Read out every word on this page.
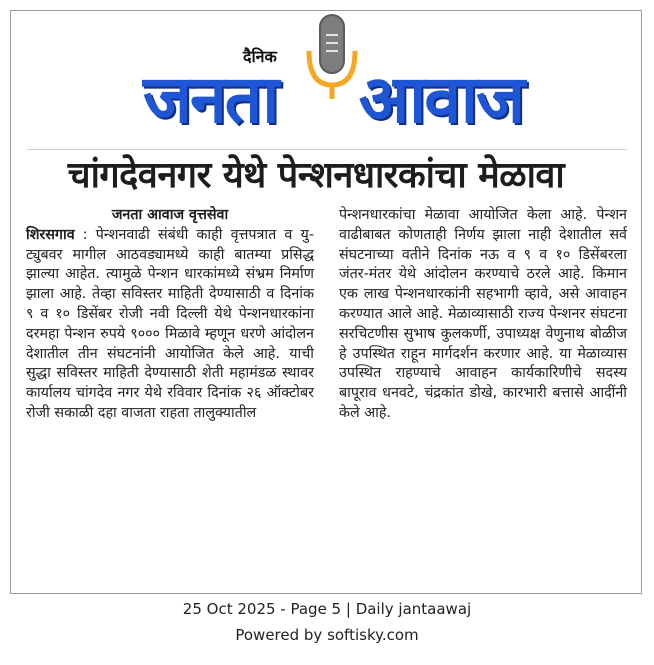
दैनिक
जनता आवाज
चांगदेवनगर येथे पेन्शनधारकांचा मेळावा
जनता आवाज वृत्तसेवा

शिरसगाव : पेन्शनवाढी संबंधी काही वृत्तपत्रात व यु-ट्युबवर मागील आठवड्यामध्ये काही बातम्या प्रसिद्ध झाल्या आहेत. त्यामुळे पेन्शन धारकांमध्ये संभ्रम निर्माण झाला आहे. तेव्हा सविस्तर माहिती देण्यासाठी व दिनांक ९ व १० डिसेंबर रोजी नवी दिल्ली येथे पेन्शनधारकांना दरमहा पेन्शन रुपये ९००० मिळावे म्हणून धरणे आंदोलन देशातील तीन संघटनांनी आयोजित केले आहे. याची सुद्धा सविस्तर माहिती देण्यासाठी शेती महामंडळ स्थावर कार्यालय चांगदेव नगर येथे रविवार दिनांक २६ ऑक्टोबर रोजी सकाळी दहा वाजता राहता तालुक्यातील

पेन्शनधारकांचा मेळावा आयोजित केला आहे. पेन्शन वाढीबाबत कोणताही निर्णय झाला नाही देशातील सर्व संघटनाच्या वतीने दिनांक नऊ व ९ व १० डिसेंबरला जंतर-मंतर येथे आंदोलन करण्याचे ठरले आहे. किमान एक लाख पेन्शनधारकांनी सहभागी व्हावे, असे आवाहन करण्यात आले आहे. मेळाव्यासाठी राज्य पेन्शनर संघटना सरचिटणीस सुभाष कुलकर्णी, उपाध्यक्ष वेणुनाथ बोळीज हे उपस्थित राहून मार्गदर्शन करणार आहे. या मेळाव्यास उपस्थित राहण्याचे आवाहन कार्यकारिणीचे सदस्य बापूराव धनवटे, चंद्रकांत डोखे, कारभारी बत्तासे आदींनी केले आहे.

25 Oct 2025 - Page 5 | Daily jantaawaj
Powered by softisky.com
